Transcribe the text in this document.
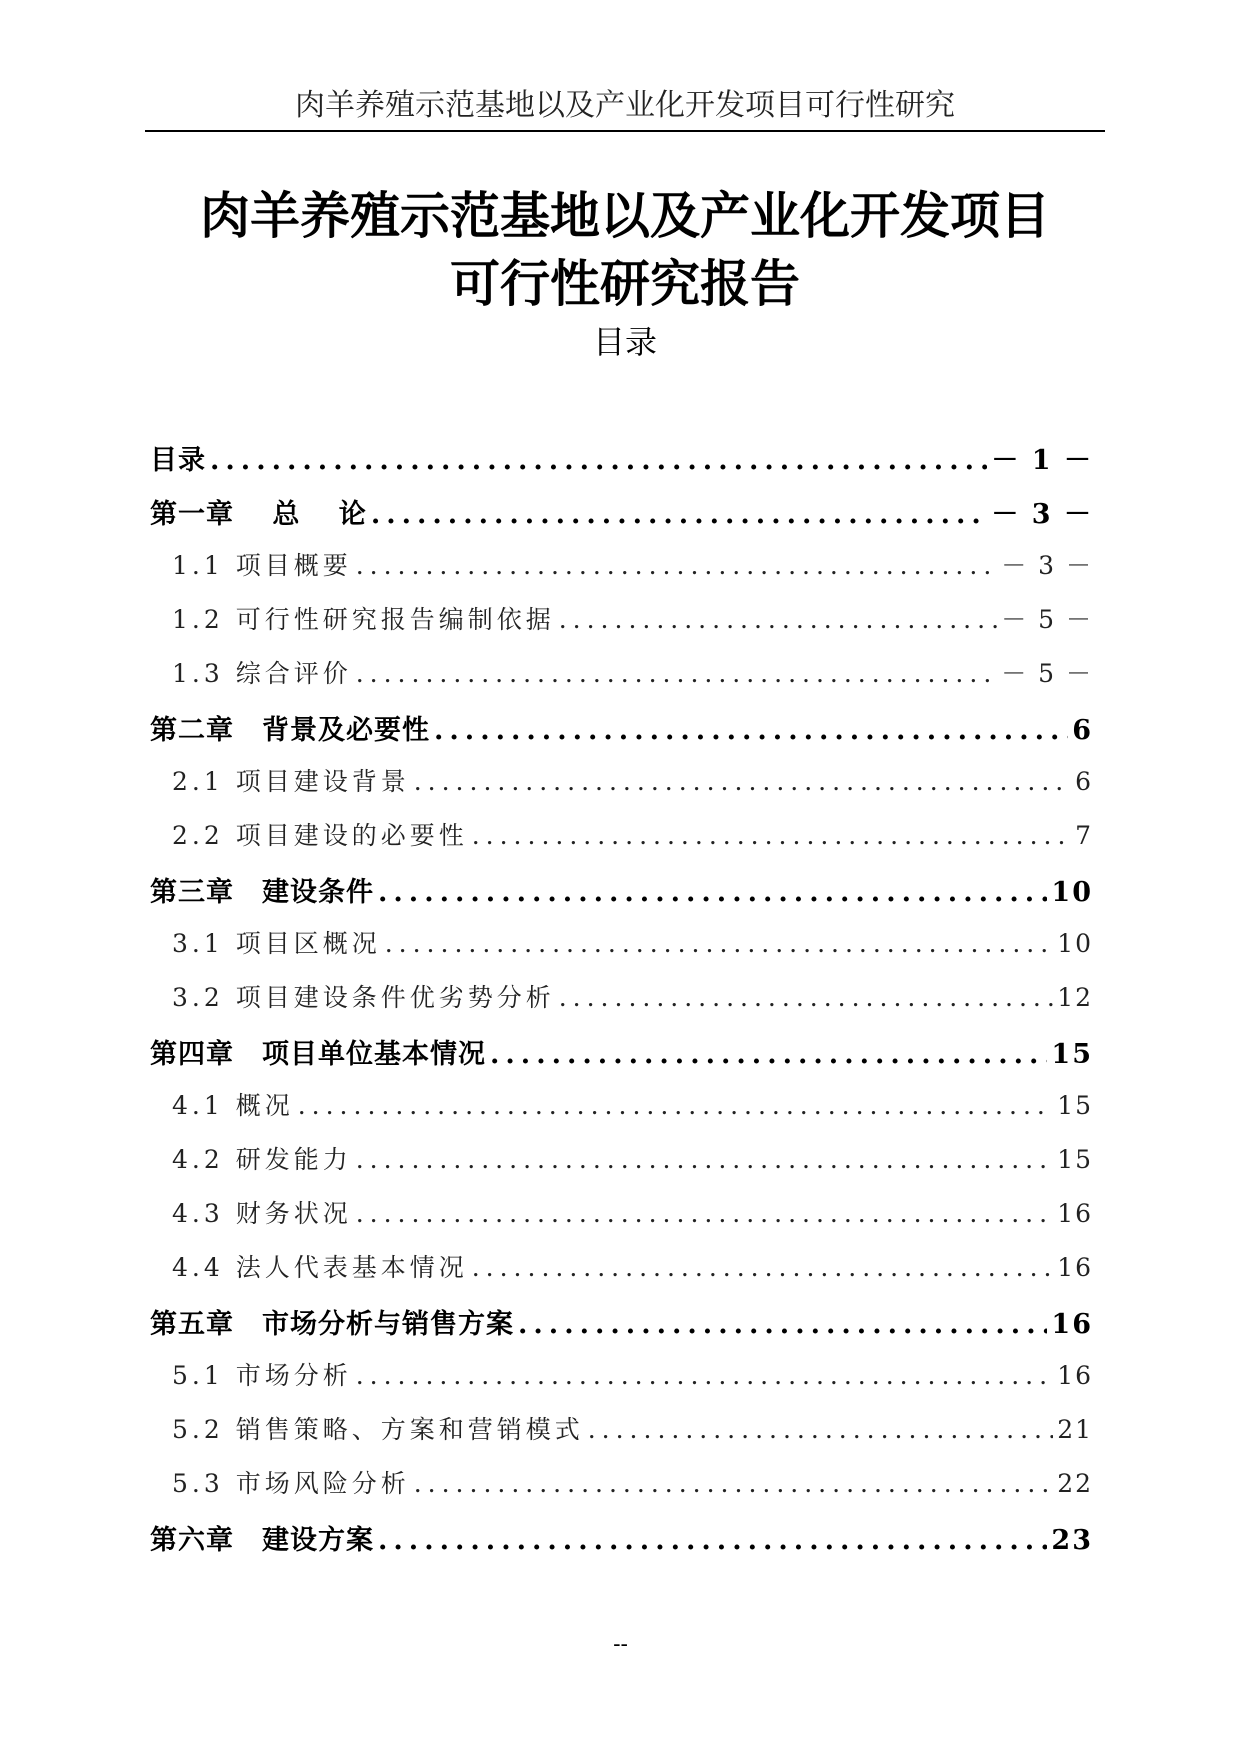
肉羊养殖示范基地以及产业化开发项目可行性研究
肉羊养殖示范基地以及产业化开发项目
可行性研究报告
目录
目录 .....	－ 1 －
第一章　 总　 论 .....	－ 3 －
1.1 项目概要 .....	－ 3 －
1.2 可行性研究报告编制依据 .....	－ 5 －
1.3 综合评价 .....	－ 5 －
第二章　背景及必要性 .....	6
2.1 项目建设背景 .....	6
2.2 项目建设的必要性 .....	7
第三章　建设条件 .....	10
3.1 项目区概况 .....	10
3.2 项目建设条件优劣势分析 .....	12
第四章　项目单位基本情况 .....	15
4.1 概况 .....	15
4.2 研发能力 .....	15
4.3 财务状况 .....	16
4.4 法人代表基本情况 .....	16
第五章　市场分析与销售方案 .....	16
5.1 市场分析 .....	16
5.2 销售策略、方案和营销模式 .....	21
5.3 市场风险分析 .....	22
第六章　建设方案 .....	23
--
